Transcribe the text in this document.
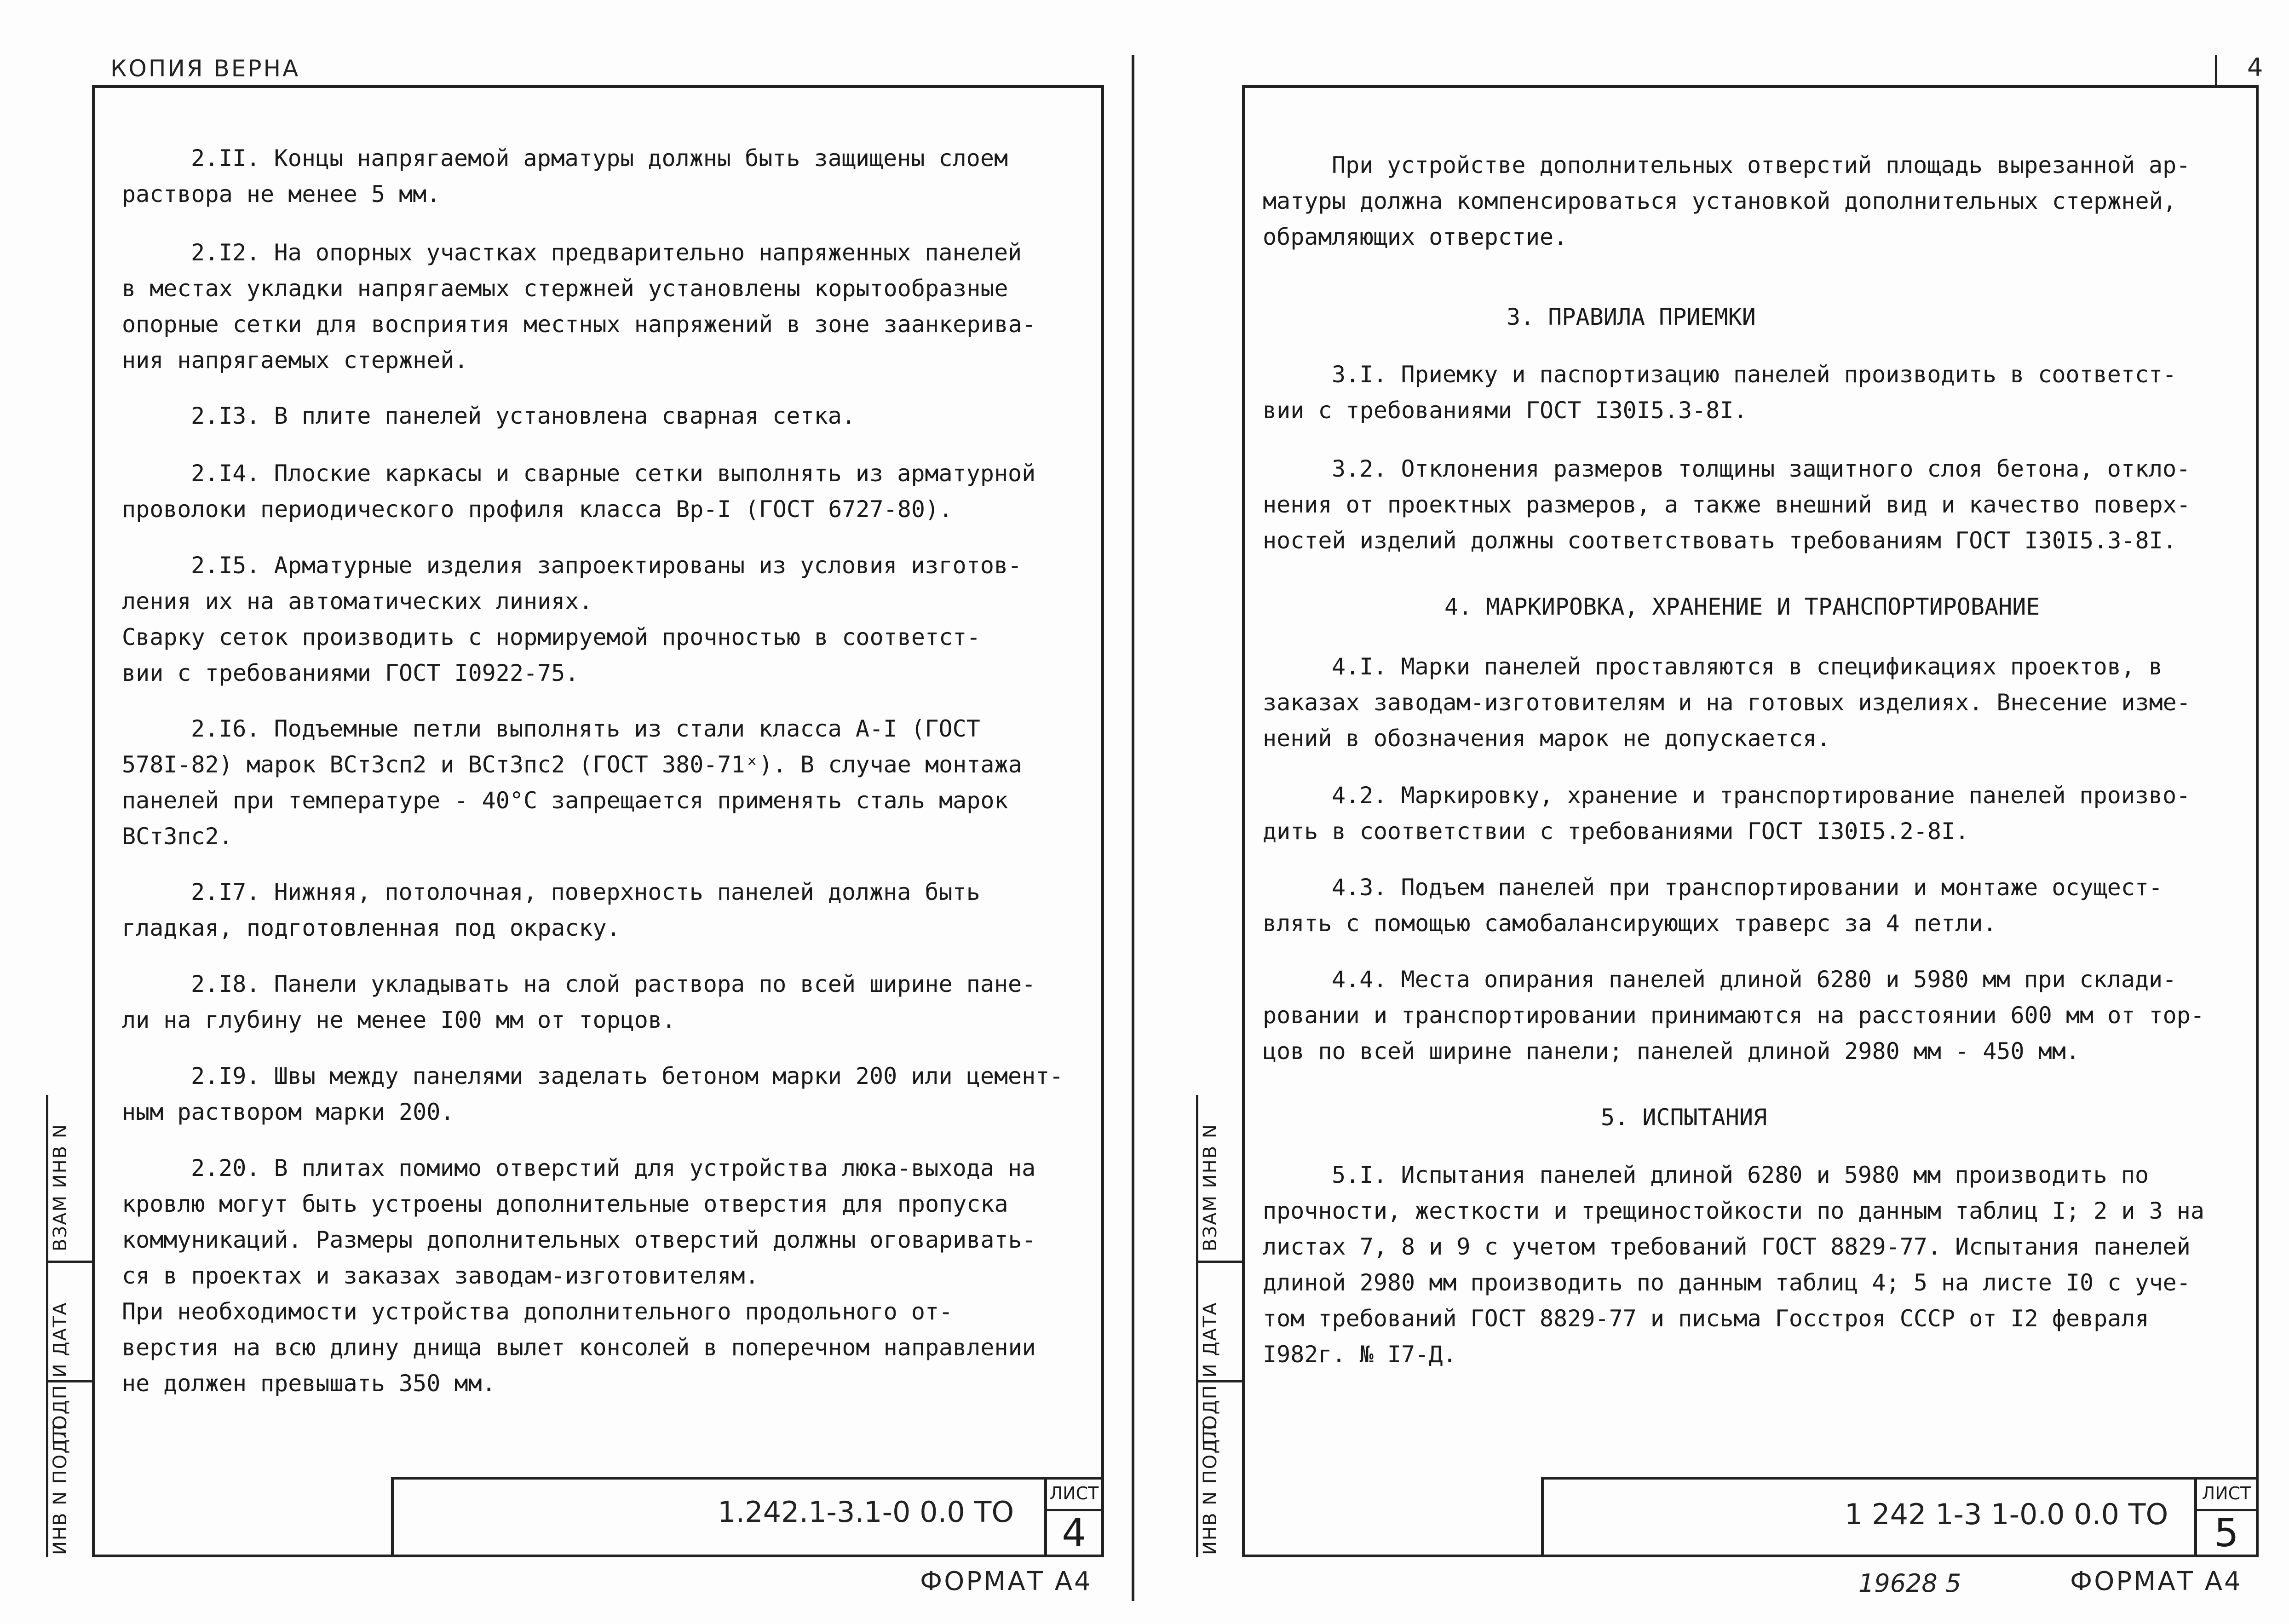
КОПИЯ ВЕРНА

2.II. Концы напрягаемой арматуры должны быть защищены слоем
раствора не менее 5 мм.

2.I2. На опорных участках предварительно напряженных панелей
в местах укладки напрягаемых стержней установлены корытообразные
опорные сетки для восприятия местных напряжений в зоне заанкерива-
ния напрягаемых стержней.

2.I3. В плите панелей установлена сварная сетка.

2.I4. Плоские каркасы и сварные сетки выполнять из арматурной
проволоки периодического профиля класса Вр-I (ГОСТ 6727-80).

2.I5. Арматурные изделия запроектированы из условия изготов-
ления их на автоматических линиях.
Сварку сеток производить с нормируемой прочностью в соответст-
вии с требованиями ГОСТ I0922-75.

2.I6. Подъемные петли выполнять из стали класса А-I (ГОСТ
578I-82) марок ВСт3сп2 и ВСт3пс2 (ГОСТ 380-71ˣ). В случае монтажа
панелей при температуре - 40°С запрещается применять сталь марок
ВСт3пс2.

2.I7. Нижняя, потолочная, поверхность панелей должна быть
гладкая, подготовленная под окраску.

2.I8. Панели укладывать на слой раствора по всей ширине пане-
ли на глубину не менее I00 мм от торцов.

2.I9. Швы между панелями заделать бетоном марки 200 или цемент-
ным раствором марки 200.

2.20. В плитах помимо отверстий для устройства люка-выхода на
кровлю могут быть устроены дополнительные отверстия для пропуска
коммуникаций. Размеры дополнительных отверстий должны оговаривать-
ся в проектах и заказах заводам-изготовителям.
При необходимости устройства дополнительного продольного от-
верстия на всю длину днища вылет консолей в поперечном направлении
не должен превышать 350 мм.

ВЗАМ ИНВ N
ПОДП И ДАТА
ИНВ N ПОДЛ	1.242.1-3.1-0 0.0 ТО
ЛИСТ
4
ФОРМАТ А4
4

При устройстве дополнительных отверстий площадь вырезанной ар-
матуры должна компенсироваться установкой дополнительных стержней,
обрамляющих отверстие.

3. ПРАВИЛА ПРИЕМКИ

3.I. Приемку и паспортизацию панелей производить в соответст-
вии с требованиями ГОСТ I30I5.3-8I.

3.2. Отклонения размеров толщины защитного слоя бетона, откло-
нения от проектных размеров, а также внешний вид и качество поверх-
ностей изделий должны соответствовать требованиям ГОСТ I30I5.3-8I.

4. МАРКИРОВКА, ХРАНЕНИЕ И ТРАНСПОРТИРОВАНИЕ

4.I. Марки панелей проставляются в спецификациях проектов, в
заказах заводам-изготовителям и на готовых изделиях. Внесение изме-
нений в обозначения марок не допускается.

4.2. Маркировку, хранение и транспортирование панелей произво-
дить в соответствии с требованиями ГОСТ I30I5.2-8I.

4.3. Подъем панелей при транспортировании и монтаже осущест-
влять с помощью самобалансирующих траверс за 4 петли.

4.4. Места опирания панелей длиной 6280 и 5980 мм при склади-
ровании и транспортировании принимаются на расстоянии 600 мм от тор-
цов по всей ширине панели; панелей длиной 2980 мм - 450 мм.

5. ИСПЫТАНИЯ

5.I. Испытания панелей длиной 6280 и 5980 мм производить по
прочности, жесткости и трещиностойкости по данным таблиц I; 2 и 3 на
листах 7, 8 и 9 с учетом требований ГОСТ 8829-77. Испытания панелей
длиной 2980 мм производить по данным таблиц 4; 5 на листе I0 с уче-
том требований ГОСТ 8829-77 и письма Госстроя СССР от I2 февраля
I982г. № I7-Д.

ВЗАМ ИНВ N
ПОДП И ДАТА
ИНВ N ПОДЛ	1 242 1-3 1-0.0 0.0 ТО
ЛИСТ
5
19628 5	ФОРМАТ А4
